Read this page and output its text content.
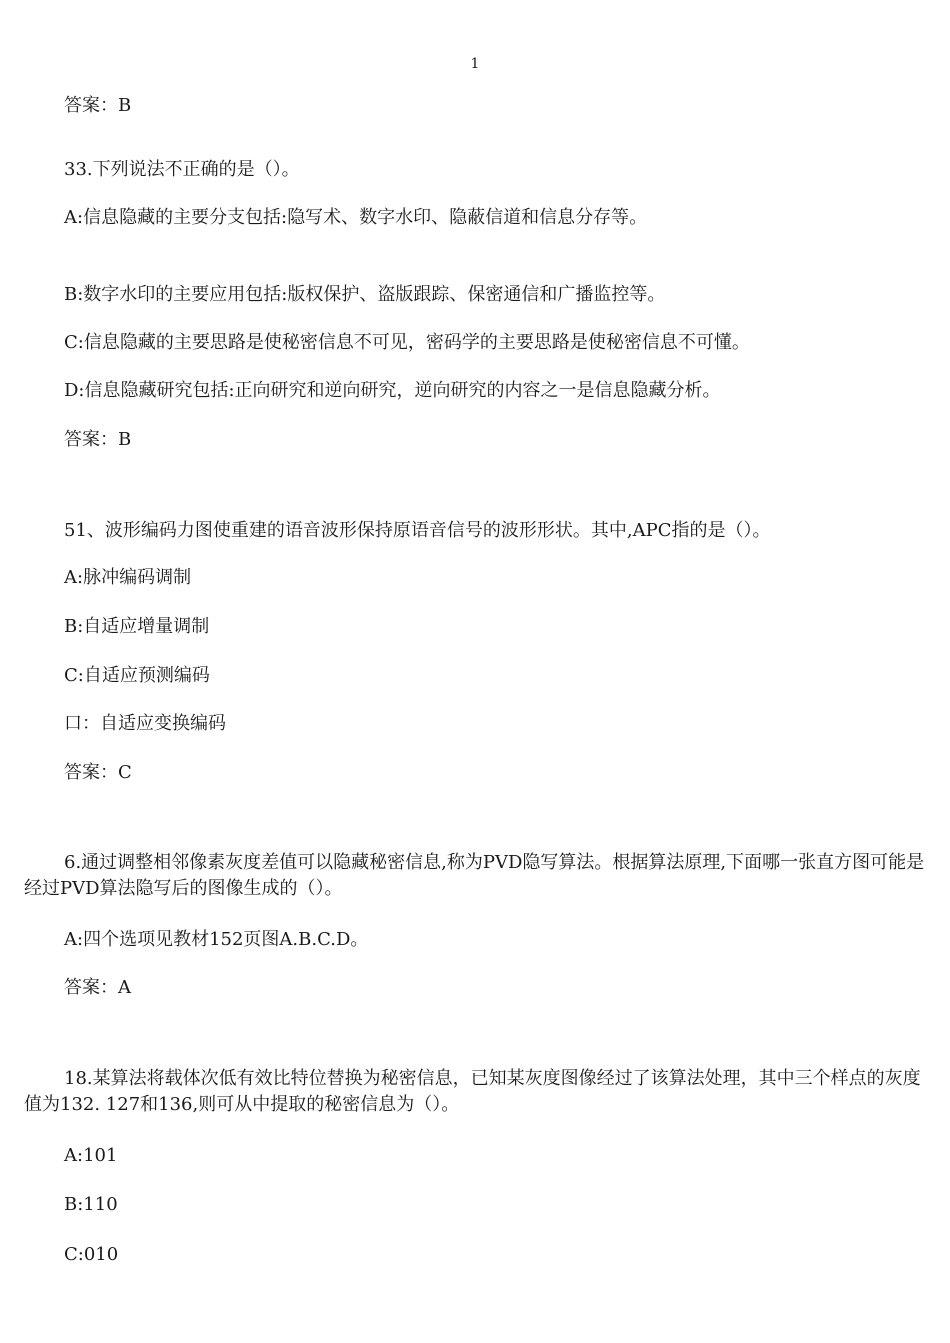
1
答案：B
33.下列说法不正确的是（）。
A:信息隐藏的主要分支包括:隐写术、数字水印、隐蔽信道和信息分存等。
B:数字水印的主要应用包括:版权保护、盗版跟踪、保密通信和广播监控等。
C:信息隐藏的主要思路是使秘密信息不可见，密码学的主要思路是使秘密信息不可懂。
D:信息隐藏研究包括:正向研究和逆向研究，逆向研究的内容之一是信息隐藏分析。
答案：B
51、波形编码力图使重建的语音波形保持原语音信号的波形形状。其中,APC指的是（）。
A:脉冲编码调制
B:自适应增量调制
C:自适应预测编码
口：自适应变换编码
答案：C
6.通过调整相邻像素灰度差值可以隐藏秘密信息,称为PVD隐写算法。根据算法原理,下面哪一张直方图可能是经过PVD算法隐写后的图像生成的（）。
A:四个选项见教材152页图A.B.C.D。
答案：A
18.某算法将载体次低有效比特位替换为秘密信息，已知某灰度图像经过了该算法处理，其中三个样点的灰度值为132. 127和136,则可从中提取的秘密信息为（）。
A:101
B:110
C:010
